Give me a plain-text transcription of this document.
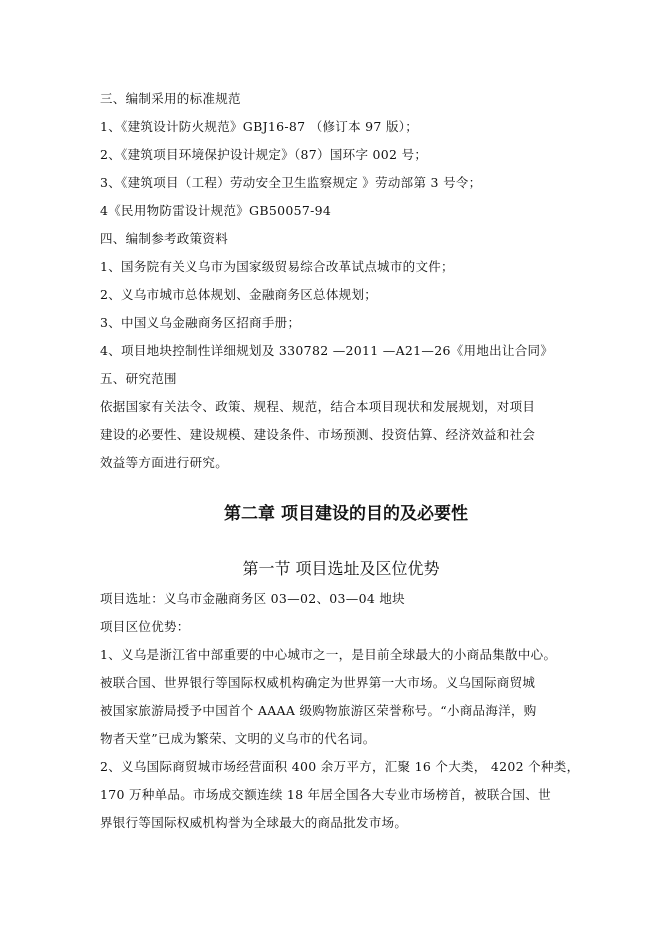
三、编制采用的标准规范
1、《建筑设计防火规范》GBJ16-87 （修订本 97 版）；
2、《建筑项目环境保护设计规定》（87）国环字 002 号；
3、《建筑项目（工程）劳动安全卫生监察规定 》劳动部第 3 号令；
4《民用物防雷设计规范》GB50057-94
四、编制参考政策资料
1、国务院有关义乌市为国家级贸易综合改革试点城市的文件；
2、义乌市城市总体规划、金融商务区总体规划；
3、中国义乌金融商务区招商手册；
4、项目地块控制性详细规划及 330782 —2011 —A21—26《用地出让合同》
五、研究范围
依据国家有关法令、政策、规程、规范，结合本项目现状和发展规划，对项目
建设的必要性、建设规模、建设条件、市场预测、投资估算、经济效益和社会
效益等方面进行研究。
第二章 项目建设的目的及必要性
第一节 项目选址及区位优势
项目选址：义乌市金融商务区 03—02、03—04 地块
项目区位优势：
1、义乌是浙江省中部重要的中心城市之一，是目前全球最大的小商品集散中心。
被联合国、世界银行等国际权威机构确定为世界第一大市场。义乌国际商贸城
被国家旅游局授予中国首个 AAAA 级购物旅游区荣誉称号。“小商品海洋，购
物者天堂”已成为繁荣、文明的义乌市的代名词。
2、义乌国际商贸城市场经营面积 400 余万平方，汇聚 16 个大类， 4202 个种类，
170 万种单品。市场成交额连续 18 年居全国各大专业市场榜首，被联合国、世
界银行等国际权威机构誉为全球最大的商品批发市场。
